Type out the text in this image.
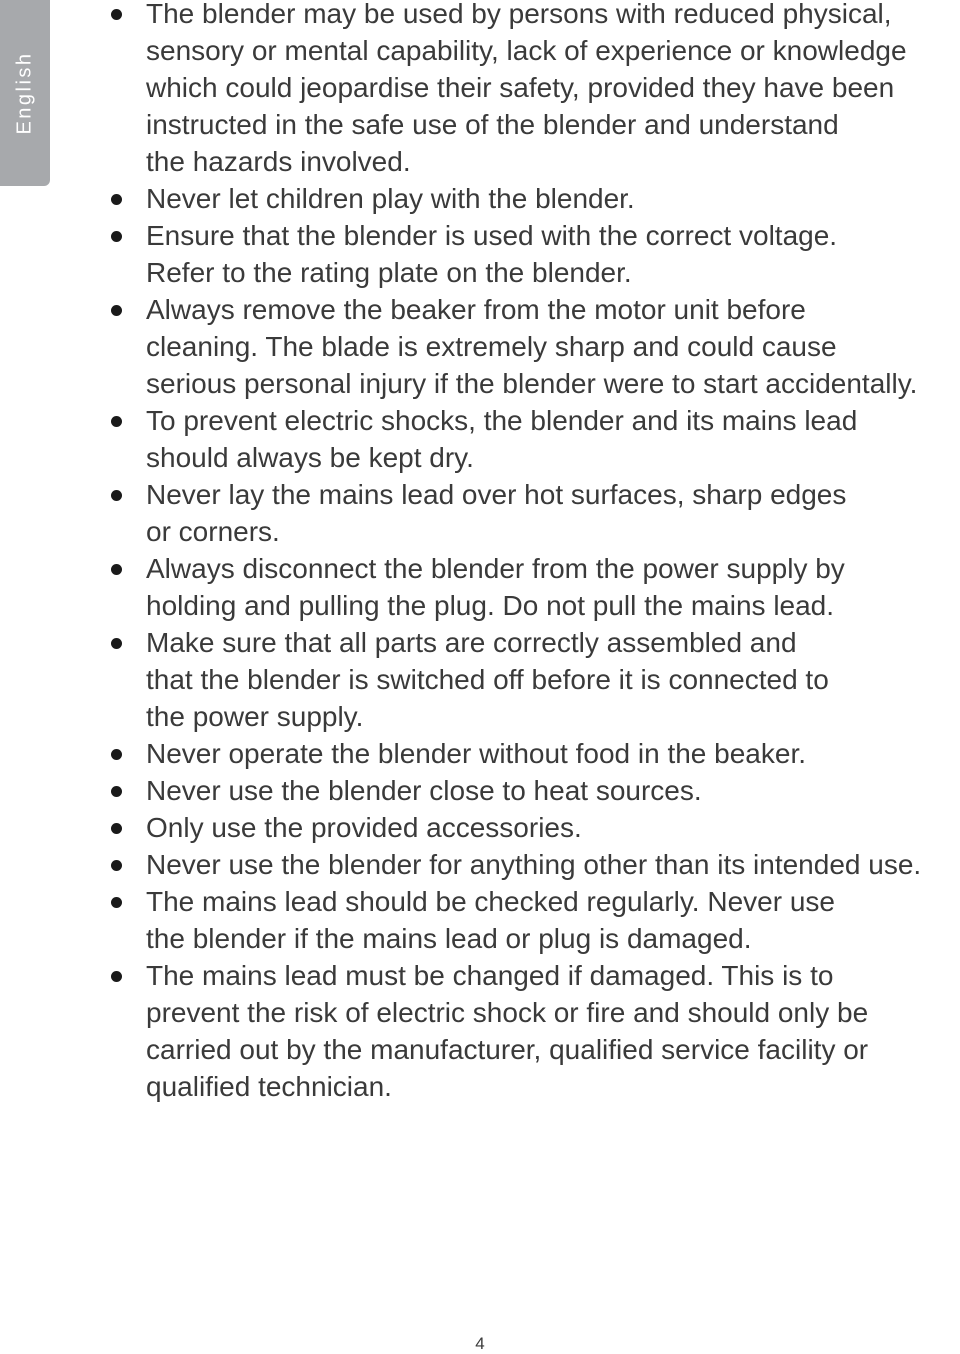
English
The blender may be used by persons with reduced physical,
sensory or mental capability, lack of experience or knowledge
which could jeopardise their safety, provided they have been
instructed in the safe use of the blender and understand
the hazards involved.
Never let children play with the blender.
Ensure that the blender is used with the correct voltage.
Refer to the rating plate on the blender.
Always remove the beaker from the motor unit before
cleaning. The blade is extremely sharp and could cause
serious personal injury if the blender were to start accidentally.
To prevent electric shocks, the blender and its mains lead
should always be kept dry.
Never lay the mains lead over hot surfaces, sharp edges
or corners.
Always disconnect the blender from the power supply by
holding and pulling the plug. Do not pull the mains lead.
Make sure that all parts are correctly assembled and
that the blender is switched off before it is connected to
the power supply.
Never operate the blender without food in the beaker.
Never use the blender close to heat sources.
Only use the provided accessories.
Never use the blender for anything other than its intended use.
The mains lead should be checked regularly. Never use
the blender if the mains lead or plug is damaged.
The mains lead must be changed if damaged. This is to
prevent the risk of electric shock or fire and should only be
carried out by the manufacturer, qualified service facility or
qualified technician.
4
